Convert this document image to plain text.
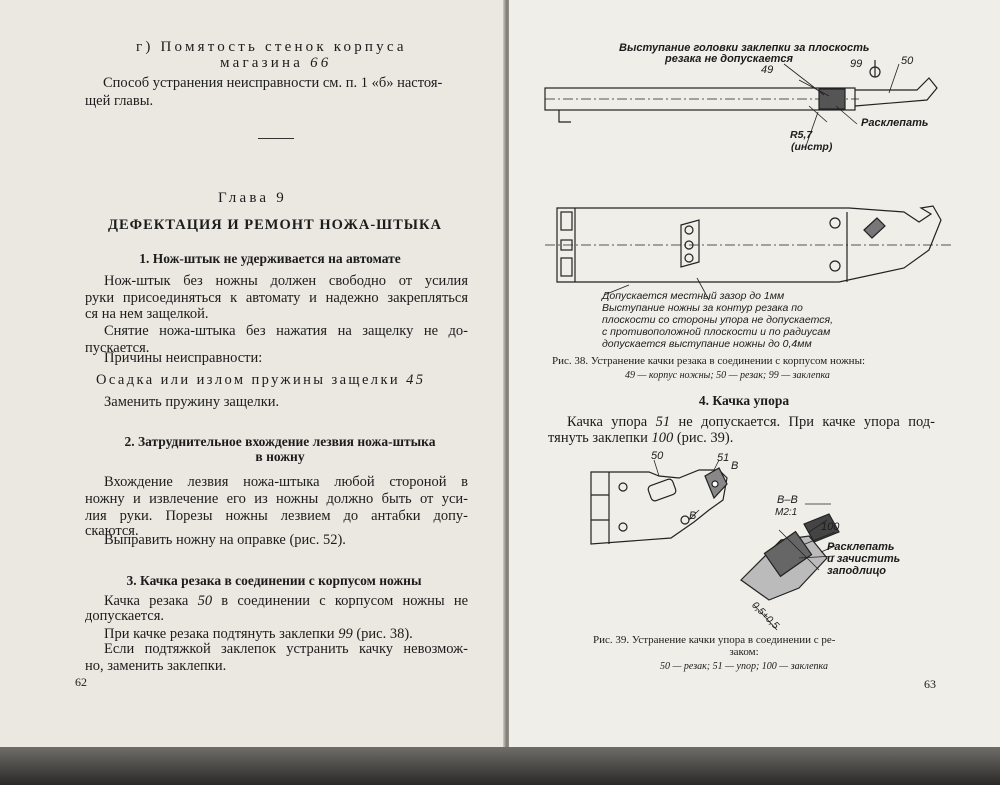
г) Помятость стенок корпуса
магазина 66
Способ устранения неисправности см. п. 1 «б» настоя-
щей главы.
Глава 9
ДЕФЕКТАЦИЯ И РЕМОНТ НОЖА-ШТЫКА
1. Нож-штык не удерживается на автомате
Нож-штык без ножны должен свободно от усилия
руки присоединяться к автомату и надежно закрепляться
ся на нем защелкой.
Снятие ножа-штыка без нажатия на защелку не до-
пускается.
Причины неисправности:
Осадка или излом пружины защелки 45
Заменить пружину защелки.
2. Затруднительное вхождение лезвия ножа-штыка
в ножну
Вхождение лезвия ножа-штыка любой стороной в
ножну и извлечение его из ножны должно быть от уси-
лия руки. Порезы ножны лезвием до антабки допу-
скаются.
Выправить ножну на оправке (рис. 52).
3. Качка резака в соединении с корпусом ножны
Качка резака 50 в соединении с корпусом ножны не
допускается.
При качке резака подтянуть заклепки 99 (рис. 38).
Если подтяжкой заклепок устранить качку невозмож-
но, заменить заклепки.
62
Выступание головки заклепки за плоскость
резака не допускается
49	99	50
Расклепать
R5,7
(инстр)
Допускается местный зазор до 1мм
Выступание ножны за контур резака по
плоскости со стороны упора не допускается,
с противоположной плоскости и по радиусам
допускается выступание ножны до 0,4мм
Рис. 38. Устранение качки резака в соединении с корпусом ножны:
49 — корпус ножны; 50 — резак; 99 — заклепка
4. Качка упора
Качка упора 51 не допускается. При качке упора под-
тянуть заклепки 100 (рис. 39).
50	51
В
В
В–В
М2:1
100
Расклепать
и зачистить
заподлицо
0,5+0,5
Рис. 39. Устранение качки упора в соединении с ре-
заком:
50 — резак; 51 — упор; 100 — заклепка
63
